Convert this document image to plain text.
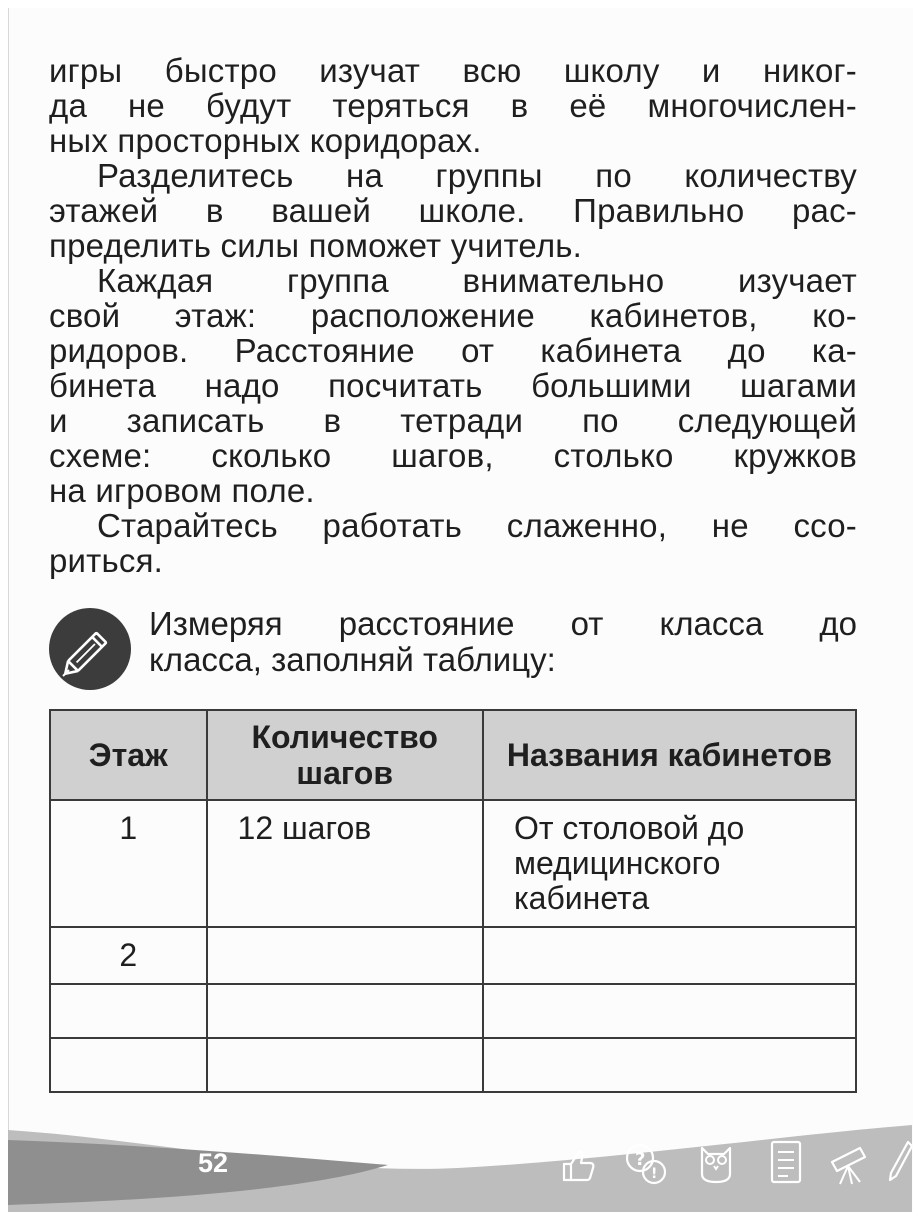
игры быстро изучат всю школу и никог-
да не будут теряться в её многочислен-
ных просторных коридорах.

Разделитесь на группы по количеству
этажей в вашей школе. Правильно рас-
пределить силы поможет учитель.

Каждая группа внимательно изучает
свой этаж: расположение кабинетов, ко-
ридоров. Расстояние от кабинета до ка-
бинета надо посчитать большими шагами
и записать в тетради по следующей
схеме: сколько шагов, столько кружков
на игровом поле.

Старайтесь работать слаженно, не ссо-
риться.

Измеряя расстояние от класса до
класса, заполняй таблицу:
Этаж	Количество шагов	Названия кабинетов
1	12 шагов	От столовой до медицинского кабинета
2		

?
!
52
